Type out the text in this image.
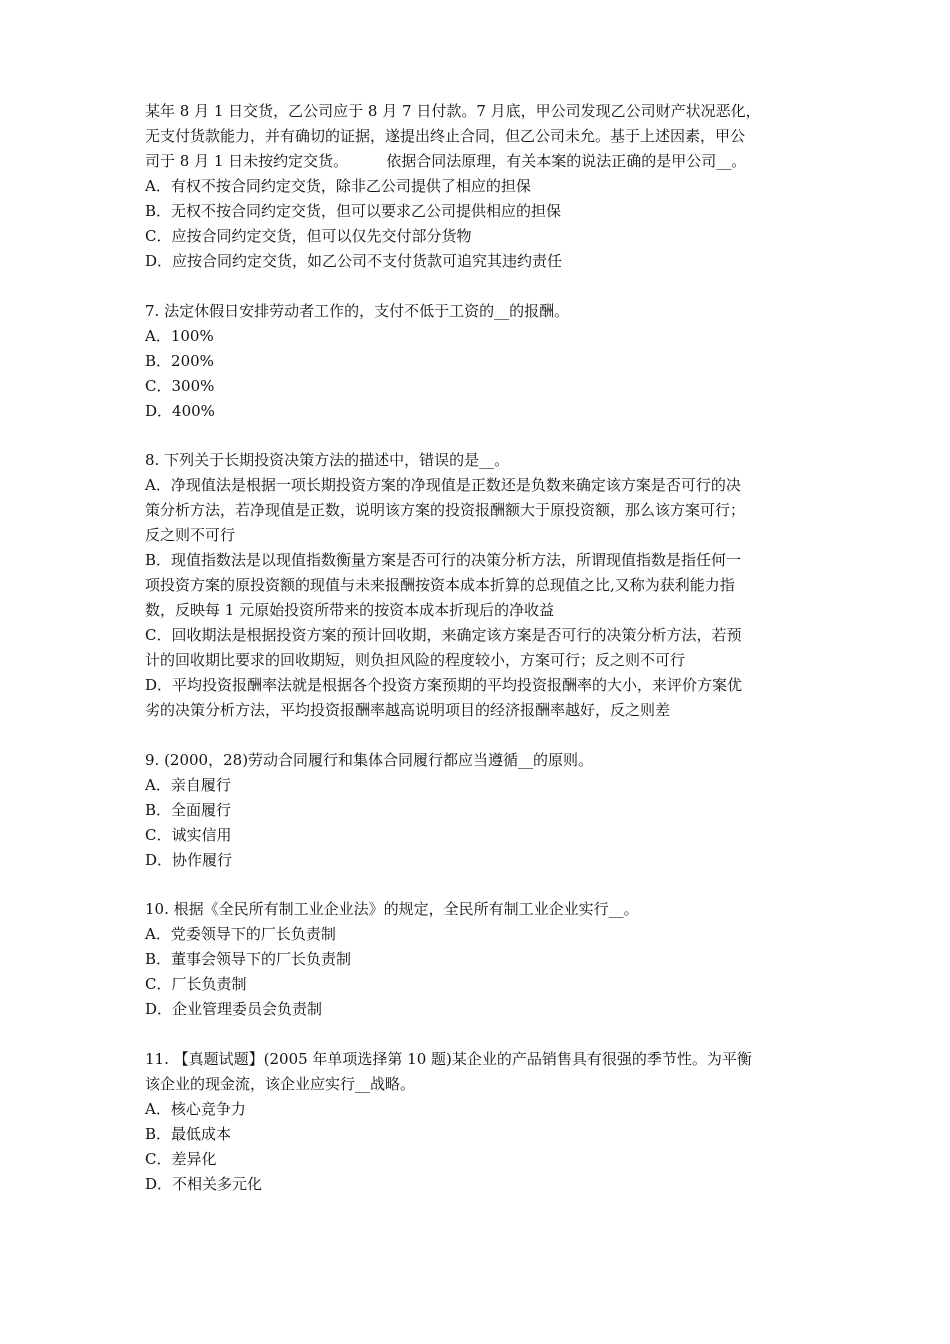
某年 8 月 1 日交货，乙公司应于 8 月 7 日付款。7 月底，甲公司发现乙公司财产状况恶化，
无支付货款能力，并有确切的证据，遂提出终止合同，但乙公司未允。基于上述因素，甲公
司于 8 月 1 日未按约定交货。        依据合同法原理，有关本案的说法正确的是甲公司__。
A．有权不按合同约定交货，除非乙公司提供了相应的担保
B．无权不按合同约定交货，但可以要求乙公司提供相应的担保
C．应按合同约定交货，但可以仅先交付部分货物
D．应按合同约定交货，如乙公司不支付货款可追究其违约责任
7. 法定休假日安排劳动者工作的，支付不低于工资的__的报酬。
A．100%
B．200%
C．300%
D．400%
8. 下列关于长期投资决策方法的描述中，错误的是__。
A．净现值法是根据一项长期投资方案的净现值是正数还是负数来确定该方案是否可行的决
策分析方法，若净现值是正数，说明该方案的投资报酬额大于原投资额，那么该方案可行；
反之则不可行
B．现值指数法是以现值指数衡量方案是否可行的决策分析方法，所谓现值指数是指任何一
项投资方案的原投资额的现值与未来报酬按资本成本折算的总现值之比,又称为获利能力指
数，反映每 1 元原始投资所带来的按资本成本折现后的净收益
C．回收期法是根据投资方案的预计回收期，来确定该方案是否可行的决策分析方法，若预
计的回收期比要求的回收期短，则负担风险的程度较小，方案可行；反之则不可行
D．平均投资报酬率法就是根据各个投资方案预期的平均投资报酬率的大小，来评价方案优
劣的决策分析方法，平均投资报酬率越高说明项目的经济报酬率越好，反之则差
9. (2000，28)劳动合同履行和集体合同履行都应当遵循__的原则。
A．亲自履行
B．全面履行
C．诚实信用
D．协作履行
10. 根据《全民所有制工业企业法》的规定，全民所有制工业企业实行__。
A．党委领导下的厂长负责制
B．董事会领导下的厂长负责制
C．厂长负责制
D．企业管理委员会负责制
11. 【真题试题】(2005 年单项选择第 10 题)某企业的产品销售具有很强的季节性。为平衡
该企业的现金流，该企业应实行__战略。
A．核心竞争力
B．最低成本
C．差异化
D．不相关多元化
